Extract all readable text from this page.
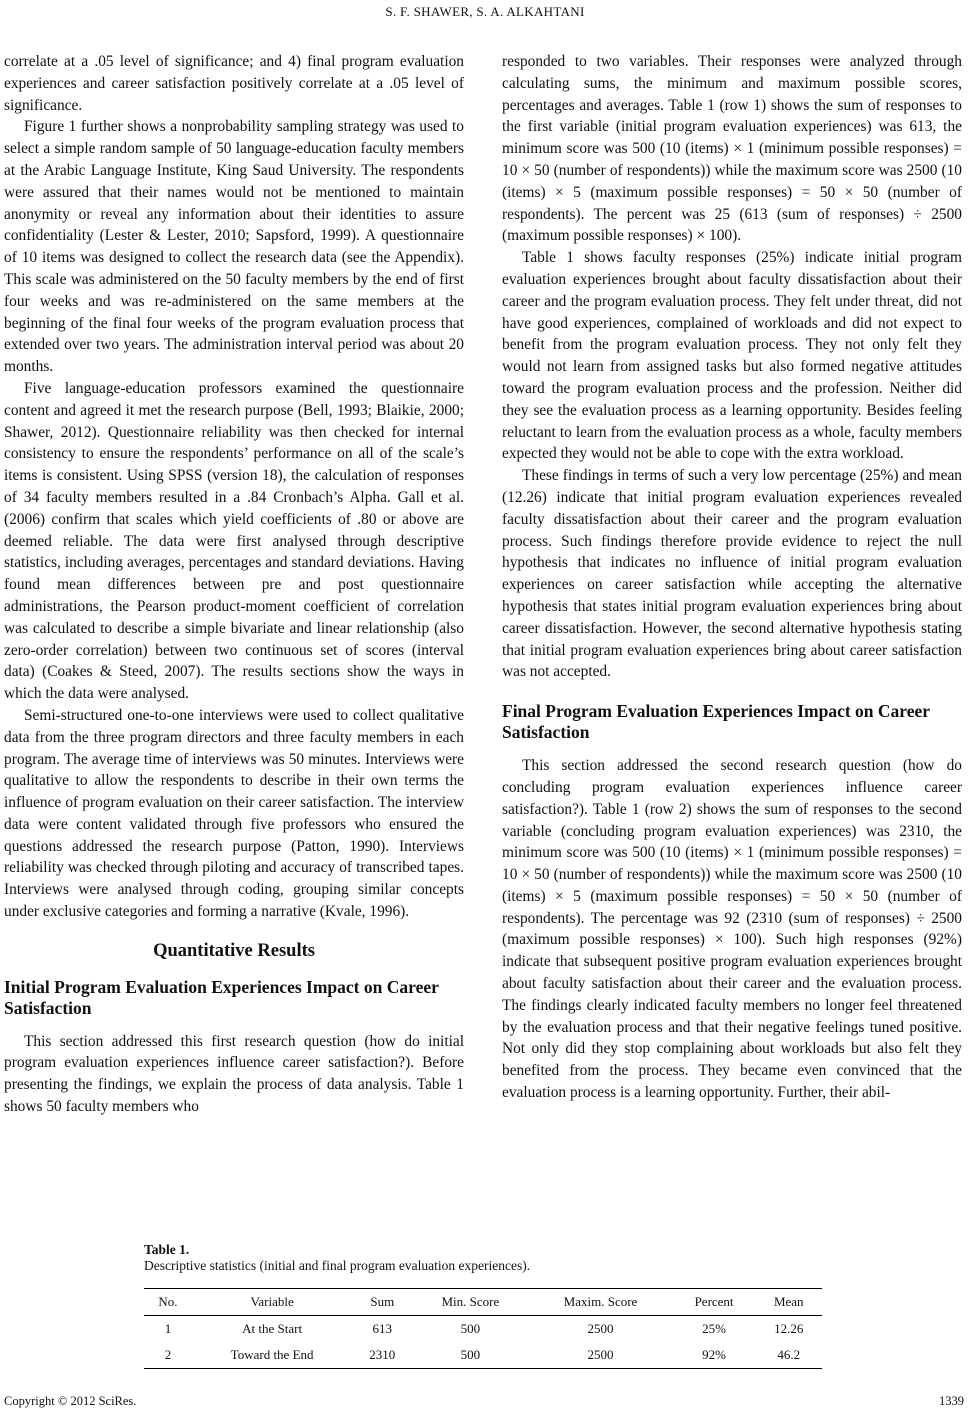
S. F. SHAWER, S. A. ALKAHTANI

correlate at a .05 level of significance; and 4) final program evaluation experiences and career satisfaction positively correlate at a .05 level of significance.

Figure 1 further shows a nonprobability sampling strategy was used to select a simple random sample of 50 language-education faculty members at the Arabic Language Institute, King Saud University. The respondents were assured that their names would not be mentioned to maintain anonymity or reveal any information about their identities to assure confidentiality (Lester & Lester, 2010; Sapsford, 1999). A questionnaire of 10 items was designed to collect the research data (see the Appendix). This scale was administered on the 50 faculty members by the end of first four weeks and was re-administered on the same members at the beginning of the final four weeks of the program evaluation process that extended over two years. The administration interval period was about 20 months.

Five language-education professors examined the questionnaire content and agreed it met the research purpose (Bell, 1993; Blaikie, 2000; Shawer, 2012). Questionnaire reliability was then checked for internal consistency to ensure the respondents’ performance on all of the scale’s items is consistent. Using SPSS (version 18), the calculation of responses of 34 faculty members resulted in a .84 Cronbach’s Alpha. Gall et al. (2006) confirm that scales which yield coefficients of .80 or above are deemed reliable. The data were first analysed through descriptive statistics, including averages, percentages and standard deviations. Having found mean differences between pre and post questionnaire administrations, the Pearson product-moment coefficient of correlation was calculated to describe a simple bivariate and linear relationship (also zero-order correlation) between two continuous set of scores (interval data) (Coakes & Steed, 2007). The results sections show the ways in which the data were analysed.

Semi-structured one-to-one interviews were used to collect qualitative data from the three program directors and three faculty members in each program. The average time of interviews was 50 minutes. Interviews were qualitative to allow the respondents to describe in their own terms the influence of program evaluation on their career satisfaction. The interview data were content validated through five professors who ensured the questions addressed the research purpose (Patton, 1990). Interviews reliability was checked through piloting and accuracy of transcribed tapes. Interviews were analysed through coding, grouping similar concepts under exclusive categories and forming a narrative (Kvale, 1996).

Quantitative Results
Initial Program Evaluation Experiences Impact on Career Satisfaction

This section addressed this first research question (how do initial program evaluation experiences influence career satisfaction?). Before presenting the findings, we explain the process of data analysis. Table 1 shows 50 faculty members who

responded to two variables. Their responses were analyzed through calculating sums, the minimum and maximum possible scores, percentages and averages. Table 1 (row 1) shows the sum of responses to the first variable (initial program evaluation experiences) was 613, the minimum score was 500 (10 (items) × 1 (minimum possible responses) = 10 × 50 (number of respondents)) while the maximum score was 2500 (10 (items) × 5 (maximum possible responses) = 50 × 50 (number of respondents). The percent was 25 (613 (sum of responses) ÷ 2500 (maximum possible responses) × 100).

Table 1 shows faculty responses (25%) indicate initial program evaluation experiences brought about faculty dissatisfaction about their career and the program evaluation process. They felt under threat, did not have good experiences, complained of workloads and did not expect to benefit from the program evaluation process. They not only felt they would not learn from assigned tasks but also formed negative attitudes toward the program evaluation process and the profession. Neither did they see the evaluation process as a learning opportunity. Besides feeling reluctant to learn from the evaluation process as a whole, faculty members expected they would not be able to cope with the extra workload.

These findings in terms of such a very low percentage (25%) and mean (12.26) indicate that initial program evaluation experiences revealed faculty dissatisfaction about their career and the program evaluation process. Such findings therefore provide evidence to reject the null hypothesis that indicates no influence of initial program evaluation experiences on career satisfaction while accepting the alternative hypothesis that states initial program evaluation experiences bring about career dissatisfaction. However, the second alternative hypothesis stating that initial program evaluation experiences bring about career satisfaction was not accepted.

Final Program Evaluation Experiences Impact on Career Satisfaction

This section addressed the second research question (how do concluding program evaluation experiences influence career satisfaction?). Table 1 (row 2) shows the sum of responses to the second variable (concluding program evaluation experiences) was 2310, the minimum score was 500 (10 (items) × 1 (minimum possible responses) = 10 × 50 (number of respondents)) while the maximum score was 2500 (10 (items) × 5 (maximum possible responses) = 50 × 50 (number of respondents). The percentage was 92 (2310 (sum of responses) ÷ 2500 (maximum possible responses) × 100). Such high responses (92%) indicate that subsequent positive program evaluation experiences brought about faculty satisfaction about their career and the evaluation process. The findings clearly indicated faculty members no longer feel threatened by the evaluation process and that their negative feelings tuned positive. Not only did they stop complaining about workloads but also felt they benefited from the process. They became even convinced that the evaluation process is a learning opportunity. Further, their abil-

Table 1.
Descriptive statistics (initial and final program evaluation experiences).
No.	Variable	Sum	Min. Score	Maxim. Score	Percent	Mean
1	At the Start	613	500	2500	25%	12.26
2	Toward the End	2310	500	2500	92%	46.2
Copyright © 2012 SciRes.	1339
